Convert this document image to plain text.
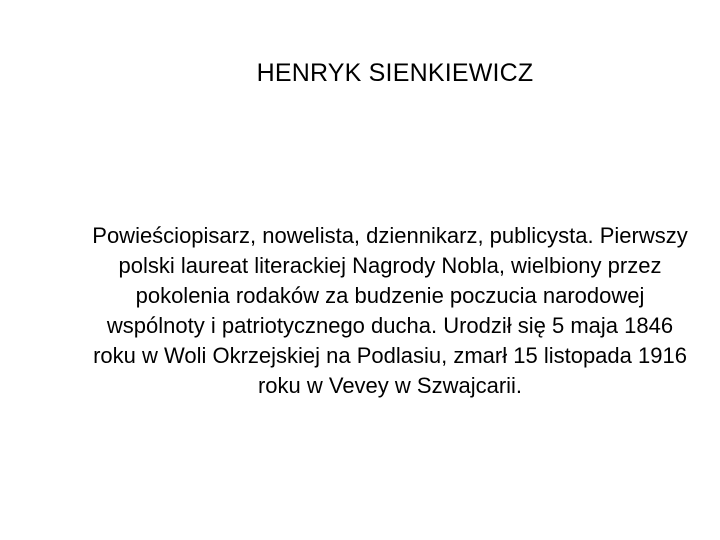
HENRYK SIENKIEWICZ

Powieściopisarz, nowelista, dziennikarz, publicysta. Pierwszy
polski laureat literackiej Nagrody Nobla, wielbiony przez
pokolenia rodaków za budzenie poczucia narodowej
wspólnoty i patriotycznego ducha. Urodził się 5 maja 1846
roku w Woli Okrzejskiej na Podlasiu, zmarł 15 listopada 1916
roku w Vevey w Szwajcarii.
